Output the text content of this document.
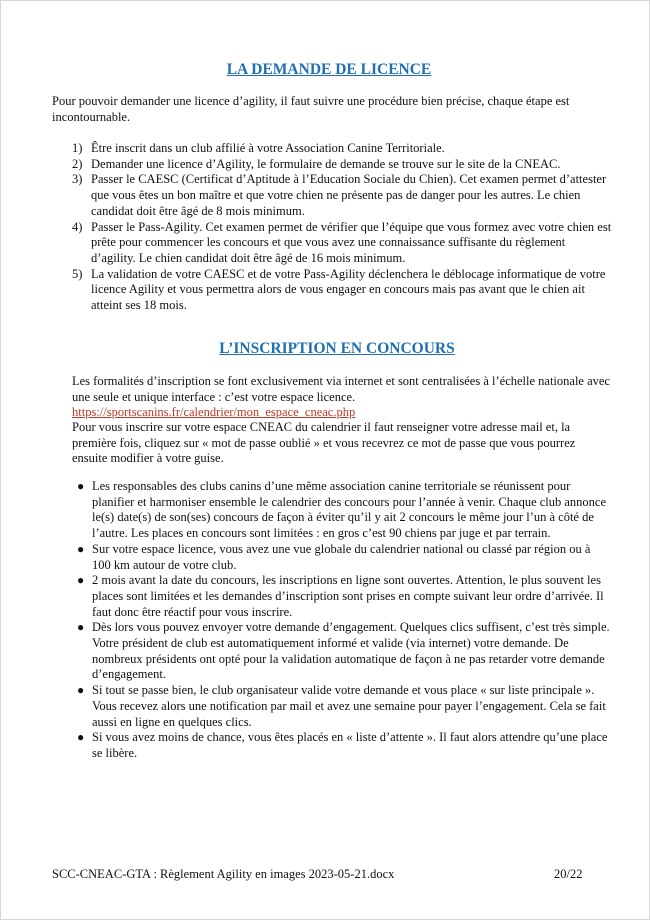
LA DEMANDE DE LICENCE
Pour pouvoir demander une licence d’agility, il faut suivre une procédure bien précise, chaque étape est incontournable.
1) Être inscrit dans un club affilié à votre Association Canine Territoriale.
2) Demander une licence d’Agility, le formulaire de demande se trouve sur le site de la CNEAC.
3) Passer le CAESC (Certificat d’Aptitude à l’Education Sociale du Chien). Cet examen permet d’attester que vous êtes un bon maître et que votre chien ne présente pas de danger pour les autres. Le chien candidat doit être âgé de 8 mois minimum.
4) Passer le Pass-Agility. Cet examen permet de vérifier que l’équipe que vous formez avec votre chien est prête pour commencer les concours et que vous avez une connaissance suffisante du règlement d’agility. Le chien candidat doit être âgé de 16 mois minimum.
5) La validation de votre CAESC et de votre Pass-Agility déclenchera le déblocage informatique de votre licence Agility et vous permettra alors de vous engager en concours mais pas avant que le chien ait atteint ses 18 mois.
L’INSCRIPTION EN CONCOURS
Les formalités d’inscription se font exclusivement via internet et sont centralisées à l’échelle nationale avec une seule et unique interface : c’est votre espace licence.
https://sportscanins.fr/calendrier/mon_espace_cneac.php
Pour vous inscrire sur votre espace CNEAC du calendrier il faut renseigner votre adresse mail et, la première fois, cliquez sur « mot de passe oublié » et vous recevrez ce mot de passe que vous pourrez ensuite modifier à votre guise.
● Les responsables des clubs canins d’une même association canine territoriale se réunissent pour planifier et harmoniser ensemble le calendrier des concours pour l’année à venir. Chaque club annonce le(s) date(s) de son(ses) concours de façon à éviter qu’il y ait 2 concours le même jour l’un à côté de l’autre. Les places en concours sont limitées : en gros c’est 90 chiens par juge et par terrain.
● Sur votre espace licence, vous avez une vue globale du calendrier national ou classé par région ou à 100 km autour de votre club.
● 2 mois avant la date du concours, les inscriptions en ligne sont ouvertes. Attention, le plus souvent les places sont limitées et les demandes d’inscription sont prises en compte suivant leur ordre d’arrivée. Il faut donc être réactif pour vous inscrire.
● Dès lors vous pouvez envoyer votre demande d’engagement. Quelques clics suffisent, c’est très simple. Votre président de club est automatiquement informé et valide (via internet) votre demande. De nombreux présidents ont opté pour la validation automatique de façon à ne pas retarder votre demande d’engagement.
● Si tout se passe bien, le club organisateur valide votre demande et vous place « sur liste principale ». Vous recevez alors une notification par mail et avez une semaine pour payer l’engagement. Cela se fait aussi en ligne en quelques clics.
● Si vous avez moins de chance, vous êtes placés en « liste d’attente ». Il faut alors attendre qu’une place se libère.
SCC-CNEAC-GTA : Règlement Agility en images 2023-05-21.docx	20/22
